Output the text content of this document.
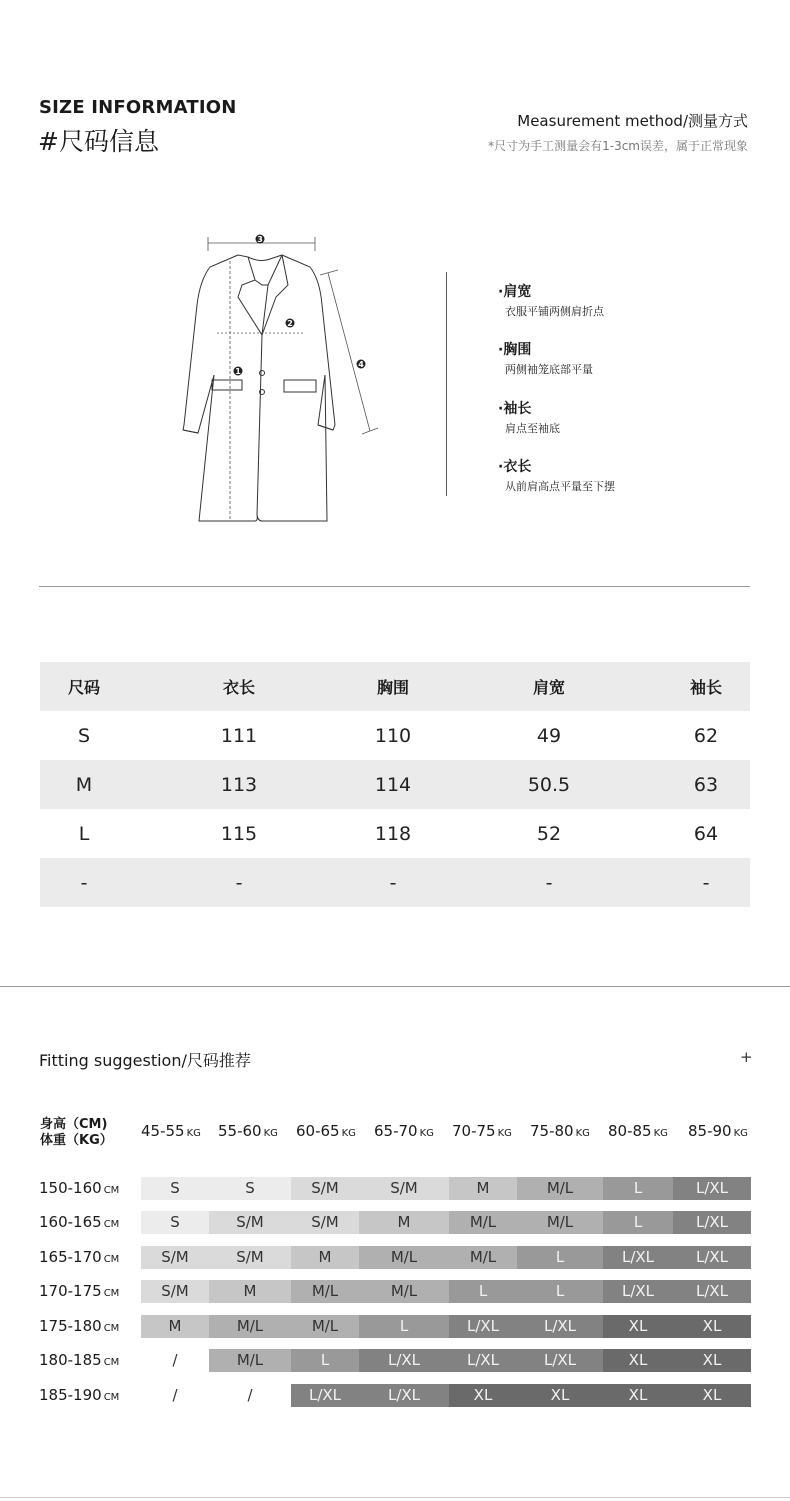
SIZE INFORMATION
#尺码信息
Measurement method/测量方式
*尺寸为手工测量会有1-3cm误差，属于正常现象
3
2
1
4
·肩宽
衣服平铺两侧肩折点
·胸围
两侧袖笼底部平量
·袖长
肩点至袖底
·衣长
从前肩高点平量至下摆
尺码	衣长	胸围	肩宽	袖长
S	111	110	49	62
M	113	114	50.5	63
L	115	118	52	64
-	-	-	-	-
Fitting suggestion/尺码推荐	+
身高（CM)
体重（KG）
45-55 KG 55-60 KG 60-65 KG 65-70 KG 70-75 KG 75-80 KG 80-85 KG 85-90 KG
150-160 CM	S	S	S/M	S/M	M	M/L	L	L/XL
160-165 CM	S	S/M	S/M	M	M/L	M/L	L	L/XL
165-170 CM	S/M	S/M	M	M/L	M/L	L	L/XL	L/XL
170-175 CM	S/M	M	M/L	M/L	L	L	L/XL	L/XL
175-180 CM	M	M/L	M/L	L	L/XL	L/XL	XL	XL
180-185 CM	/	M/L	L	L/XL	L/XL	L/XL	XL	XL
185-190 CM	/	/	L/XL	L/XL	XL	XL	XL	XL
